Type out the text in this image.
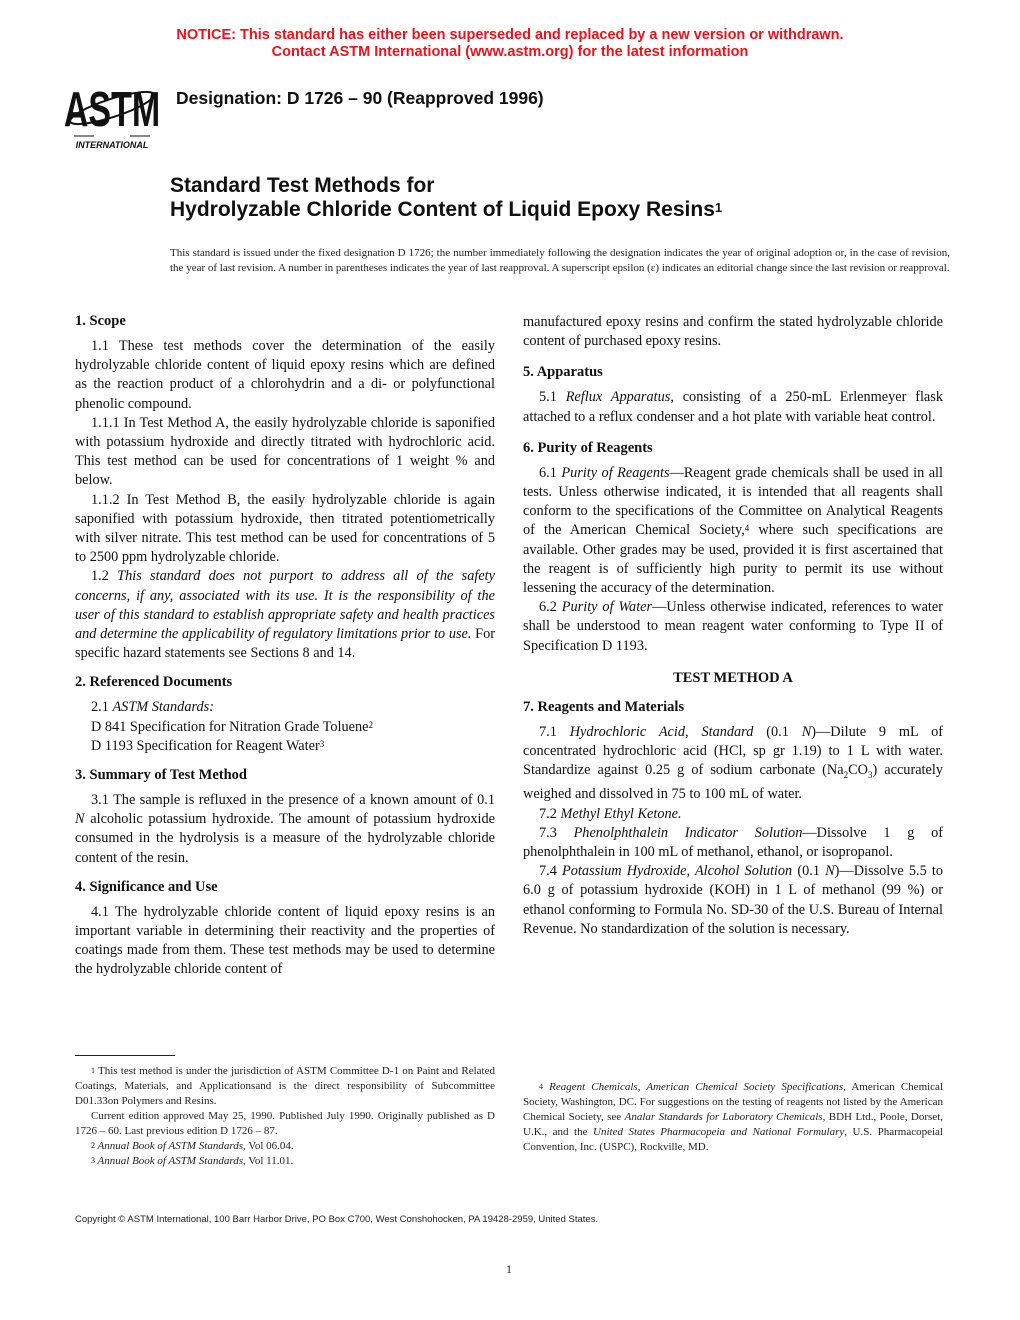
NOTICE: This standard has either been superseded and replaced by a new version or withdrawn.
Contact ASTM International (www.astm.org) for the latest information
ASTM
INTERNATIONAL
Designation: D 1726 – 90 (Reapproved 1996)
Standard Test Methods for
Hydrolyzable Chloride Content of Liquid Epoxy Resins$^1$
This standard is issued under the fixed designation D 1726; the number immediately following the designation indicates the year of original adoption or, in the case of revision, the year of last revision. A number in parentheses indicates the year of last reapproval. A superscript epsilon (ε) indicates an editorial change since the last revision or reapproval.
1. Scope

1.1 These test methods cover the determination of the easily hydrolyzable chloride content of liquid epoxy resins which are defined as the reaction product of a chlorohydrin and a di- or polyfunctional phenolic compound.

1.1.1 In Test Method A, the easily hydrolyzable chloride is saponified with potassium hydroxide and directly titrated with hydrochloric acid. This test method can be used for concentrations of 1 weight % and below.

1.1.2 In Test Method B, the easily hydrolyzable chloride is again saponified with potassium hydroxide, then titrated potentiometrically with silver nitrate. This test method can be used for concentrations of 5 to 2500 ppm hydrolyzable chloride.

1.2 This standard does not purport to address all of the safety concerns, if any, associated with its use. It is the responsibility of the user of this standard to establish appropriate safety and health practices and determine the applicability of regulatory limitations prior to use. For specific hazard statements see Sections 8 and 14.

2. Referenced Documents

2.1 ASTM Standards:

D 841 Specification for Nitration Grade Toluene$^2$

D 1193 Specification for Reagent Water$^3$

3. Summary of Test Method

3.1 The sample is refluxed in the presence of a known amount of 0.1 N alcoholic potassium hydroxide. The amount of potassium hydroxide consumed in the hydrolysis is a measure of the hydrolyzable chloride content of the resin.

4. Significance and Use

4.1 The hydrolyzable chloride content of liquid epoxy resins is an important variable in determining their reactivity and the properties of coatings made from them. These test methods may be used to determine the hydrolyzable chloride content of

manufactured epoxy resins and confirm the stated hydrolyzable chloride content of purchased epoxy resins.

5. Apparatus

5.1 Reflux Apparatus, consisting of a 250-mL Erlenmeyer flask attached to a reflux condenser and a hot plate with variable heat control.

6. Purity of Reagents

6.1 Purity of Reagents—Reagent grade chemicals shall be used in all tests. Unless otherwise indicated, it is intended that all reagents shall conform to the specifications of the Committee on Analytical Reagents of the American Chemical Society,$^4$ where such specifications are available. Other grades may be used, provided it is first ascertained that the reagent is of sufficiently high purity to permit its use without lessening the accuracy of the determination.

6.2 Purity of Water—Unless otherwise indicated, references to water shall be understood to mean reagent water conforming to Type II of Specification D 1193.

TEST METHOD A
7. Reagents and Materials

7.1 Hydrochloric Acid, Standard (0.1 N)—Dilute 9 mL of concentrated hydrochloric acid (HCl, sp gr 1.19) to 1 L with water. Standardize against 0.25 g of sodium carbonate $(Na_2CO_3)$ accurately weighed and dissolved in 75 to 100 mL of water.

7.2 Methyl Ethyl Ketone.

7.3 Phenolphthalein Indicator Solution—Dissolve 1 g of phenolphthalein in 100 mL of methanol, ethanol, or isopropanol.

7.4 Potassium Hydroxide, Alcohol Solution (0.1 N)—Dissolve 5.5 to 6.0 g of potassium hydroxide (KOH) in 1 L of methanol (99 %) or ethanol conforming to Formula No. SD-30 of the U.S. Bureau of Internal Revenue. No standardization of the solution is necessary.

$^1$ This test method is under the jurisdiction of ASTM Committee D-1 on Paint and Related Coatings, Materials, and Applicationsand is the direct responsibility of Subcommittee D01.33on Polymers and Resins.

Current edition approved May 25, 1990. Published July 1990. Originally published as D 1726 – 60. Last previous edition D 1726 – 87.

$^2$ Annual Book of ASTM Standards, Vol 06.04.

$^3$ Annual Book of ASTM Standards, Vol 11.01.

$^4$ Reagent Chemicals, American Chemical Society Specifications, American Chemical Society, Washington, DC. For suggestions on the testing of reagents not listed by the American Chemical Society, see Analar Standards for Laboratory Chemicals, BDH Ltd., Poole, Dorset, U.K., and the United States Pharmacopeia and National Formulary, U.S. Pharmacopeial Convention, Inc. (USPC), Rockville, MD.

Copyright © ASTM International, 100 Barr Harbor Drive, PO Box C700, West Conshohocken, PA 19428-2959, United States.
1
